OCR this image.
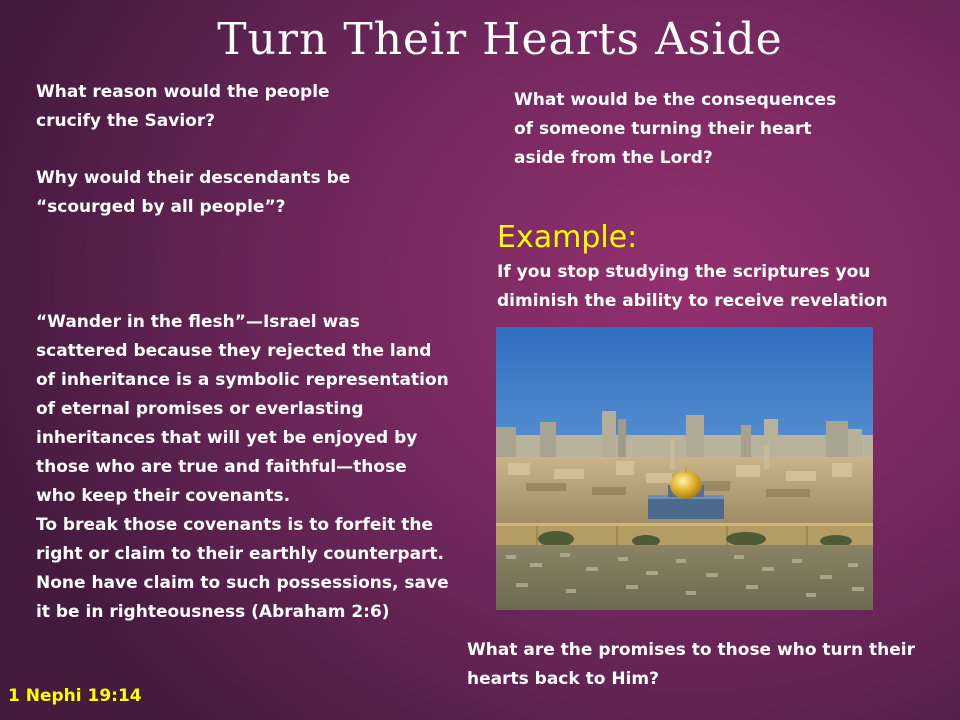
Turn Their Hearts Aside

What reason would the people
crucify the Savior?

Why would their descendants be
“scourged by all people”?

What would be the consequences
of someone turning their heart
aside from the Lord?

Example:

If you stop studying the scriptures you
diminish the ability to receive revelation

“Wander in the flesh”—Israel was
scattered because they rejected the land
of inheritance is a symbolic representation
of eternal promises or everlasting
inheritances that will yet be enjoyed by
those who are true and faithful—those
who keep their covenants.
To break those covenants is to forfeit the
right or claim to their earthly counterpart.
None have claim to such possessions, save
it be in righteousness (Abraham 2:6)

What are the promises to those who turn their
hearts back to Him?

1 Nephi 19:14
